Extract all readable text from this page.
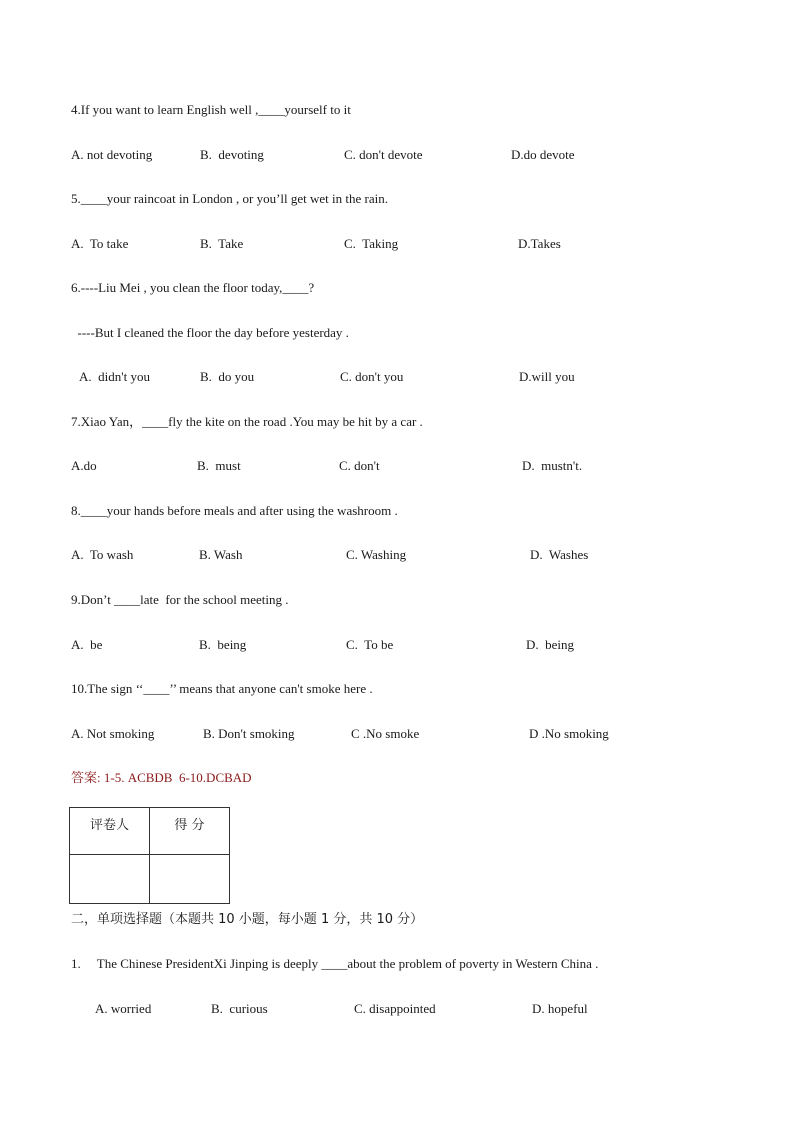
4.If you want to learn English well ,____yourself to it
A. not devoting	B.  devoting	C. don't devote	D.do devote
5.____your raincoat in London , or you’ll get wet in the rain.
A.  To take	B.  Take	C.  Taking	D.Takes
6.----Liu Mei , you clean the floor today,____?
----But I cleaned the floor the day before yesterday .
A.  didn't you	B.  do you	C. don't you	D.will you
7.Xiao Yan，____fly the kite on the road .You may be hit by a car .
A.do	B.  must	C. don't	D.  mustn't.
8.____your hands before meals and after using the washroom .
A.  To wash	B. Wash	C. Washing	D.  Washes
9.Don’t ____late  for the school meeting .
A.  be	B.  being	C.  To be	D.  being
10.The sign ‘‘____’’ means that anyone can't smoke here .
A. Not smoking	B. Don't smoking	C .No smoke	D .No smoking
答案: 1-5. ACBDB  6-10.DCBAD
评卷人	得 分

二，单项选择题（本题共 10 小题，每小题 1 分，共 10 分）
1.     The Chinese PresidentXi Jinping is deeply ____about the problem of poverty in Western China .
A. worried	B.  curious	C. disappointed	D. hopeful
